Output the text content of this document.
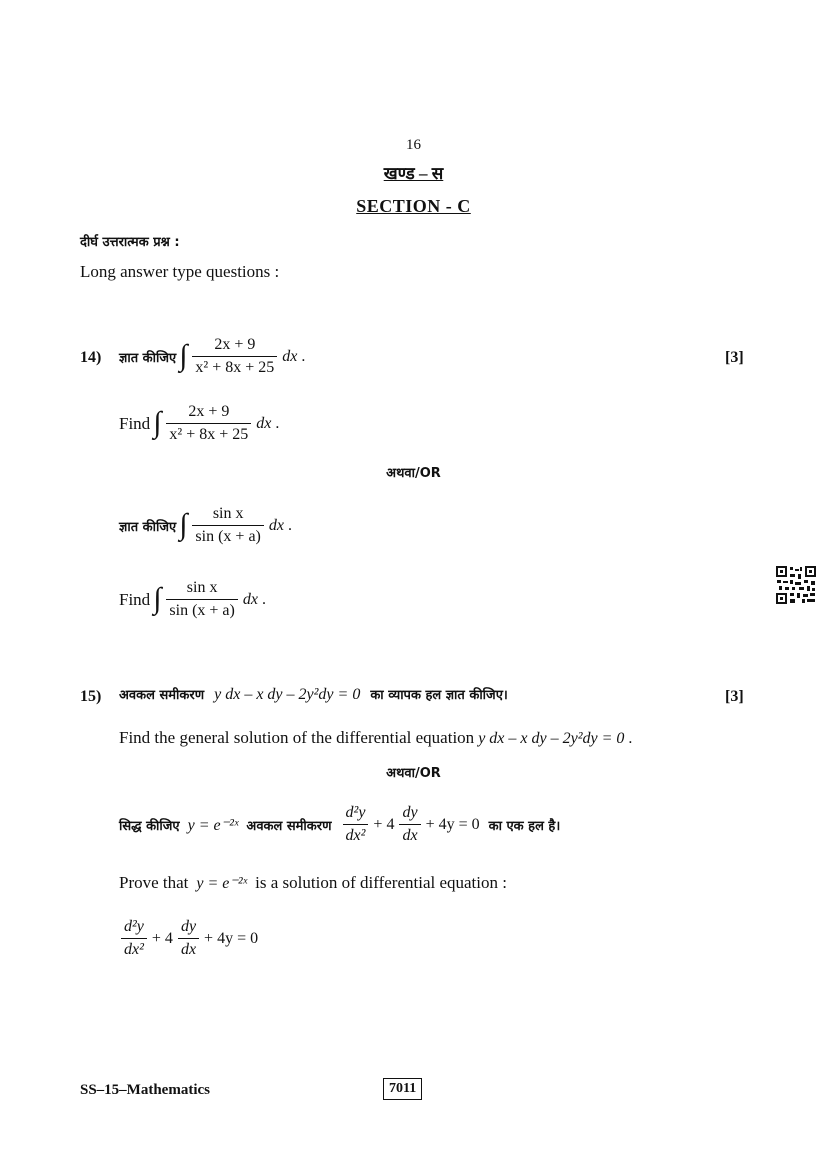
16
खण्ड – स
SECTION - C
दीर्घ उत्तरात्मक प्रश्न :
Long answer type questions :
14)	[3]
ज्ञात कीजिए ∫ $\frac{2x + 9}{\text{x² + 8x + 25}}$ dx .
Find ∫ $\frac{2x + 9}{\text{x² + 8x + 25}}$ dx .
अथवा/OR
ज्ञात कीजिए ∫ $\frac{\text{sin x}}{\sin (x + a)}$ dx .
Find ∫ $\frac{\text{sin x}}{\sin (x + a)}$ dx .
15)	[3]
अवकल समीकरण y dx – x dy – 2y²dy = 0 का व्यापक हल ज्ञात कीजिए।
Find the general solution of the differential equation y dx – x dy – 2y²dy = 0 .
अथवा/OR
सिद्ध कीजिए y = e⁻²ˣ अवकल समीकरण $\frac{\text{d²y}}{\text{dx²}} + 4 \frac{dy}{dx} + 4y = 0$ का एक हल है।
Prove that y = e⁻²ˣ is a solution of differential equation :
$\frac{\text{d²y}}{\text{dx²}} + 4 \frac{dy}{dx} + 4y = 0$
SS–15–Mathematics	7011
